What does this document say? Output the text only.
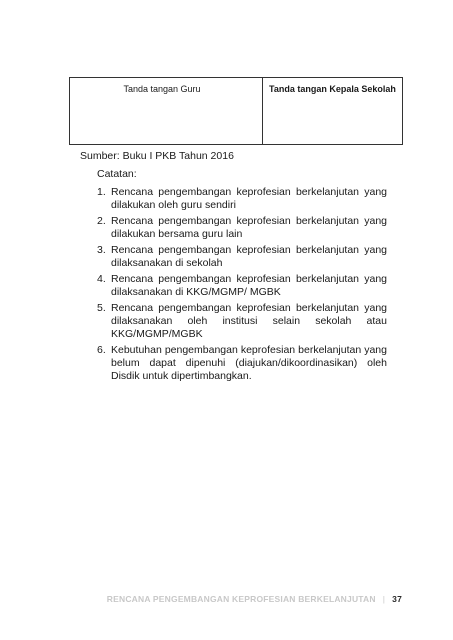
Tanda tangan Guru	Tanda tangan Kepala Sekolah
Sumber: Buku I PKB Tahun 2016
Catatan:
1. Rencana pengembangan keprofesian berkelanjutan yang dilakukan oleh guru sendiri
2. Rencana pengembangan keprofesian berkelanjutan yang dilakukan bersama guru lain
3. Rencana pengembangan keprofesian berkelanjutan yang dilaksanakan di sekolah
4. Rencana pengembangan keprofesian berkelanjutan yang dilaksanakan di KKG/MGMP/ MGBK
5. Rencana pengembangan keprofesian berkelanjutan yang dilaksanakan oleh institusi selain sekolah atau KKG/MGMP/MGBK
6. Kebutuhan pengembangan keprofesian berkelanjutan yang belum dapat dipenuhi (diajukan/dikoordinasikan) oleh Disdik untuk dipertimbangkan.
RENCANA PENGEMBANGAN KEPROFESIAN BERKELANJUTAN | 37
